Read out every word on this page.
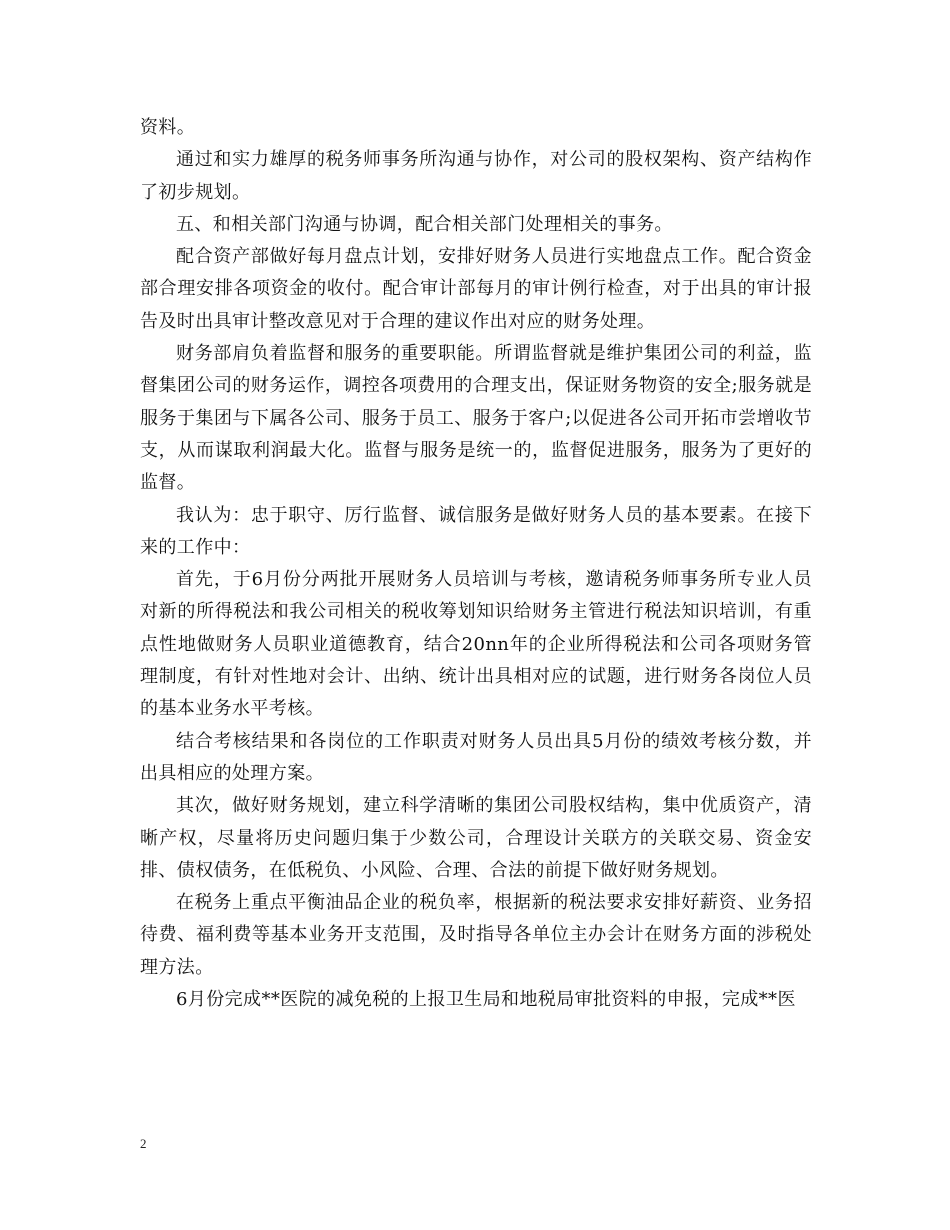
资料。

通过和实力雄厚的税务师事务所沟通与协作，对公司的股权架构、资产结构作了初步规划。

五、和相关部门沟通与协调，配合相关部门处理相关的事务。

配合资产部做好每月盘点计划，安排好财务人员进行实地盘点工作。配合资金部合理安排各项资金的收付。配合审计部每月的审计例行检查，对于出具的审计报告及时出具审计整改意见对于合理的建议作出对应的财务处理。

财务部肩负着监督和服务的重要职能。所谓监督就是维护集团公司的利益，监督集团公司的财务运作，调控各项费用的合理支出，保证财务物资的安全;服务就是服务于集团与下属各公司、服务于员工、服务于客户;以促进各公司开拓市尝增收节支，从而谋取利润最大化。监督与服务是统一的，监督促进服务，服务为了更好的监督。

我认为：忠于职守、厉行监督、诚信服务是做好财务人员的基本要素。在接下来的工作中：

首先，于6月份分两批开展财务人员培训与考核，邀请税务师事务所专业人员对新的所得税法和我公司相关的税收筹划知识给财务主管进行税法知识培训，有重点性地做财务人员职业道德教育，结合20nn年的企业所得税法和公司各项财务管理制度，有针对性地对会计、出纳、统计出具相对应的试题，进行财务各岗位人员的基本业务水平考核。

结合考核结果和各岗位的工作职责对财务人员出具5月份的绩效考核分数，并出具相应的处理方案。

其次，做好财务规划，建立科学清晰的集团公司股权结构，集中优质资产，清晰产权，尽量将历史问题归集于少数公司，合理设计关联方的关联交易、资金安排、债权债务，在低税负、小风险、合理、合法的前提下做好财务规划。

在税务上重点平衡油品企业的税负率，根据新的税法要求安排好薪资、业务招待费、福利费等基本业务开支范围，及时指导各单位主办会计在财务方面的涉税处理方法。

6月份完成**医院的减免税的上报卫生局和地税局审批资料的申报，完成**医

2
